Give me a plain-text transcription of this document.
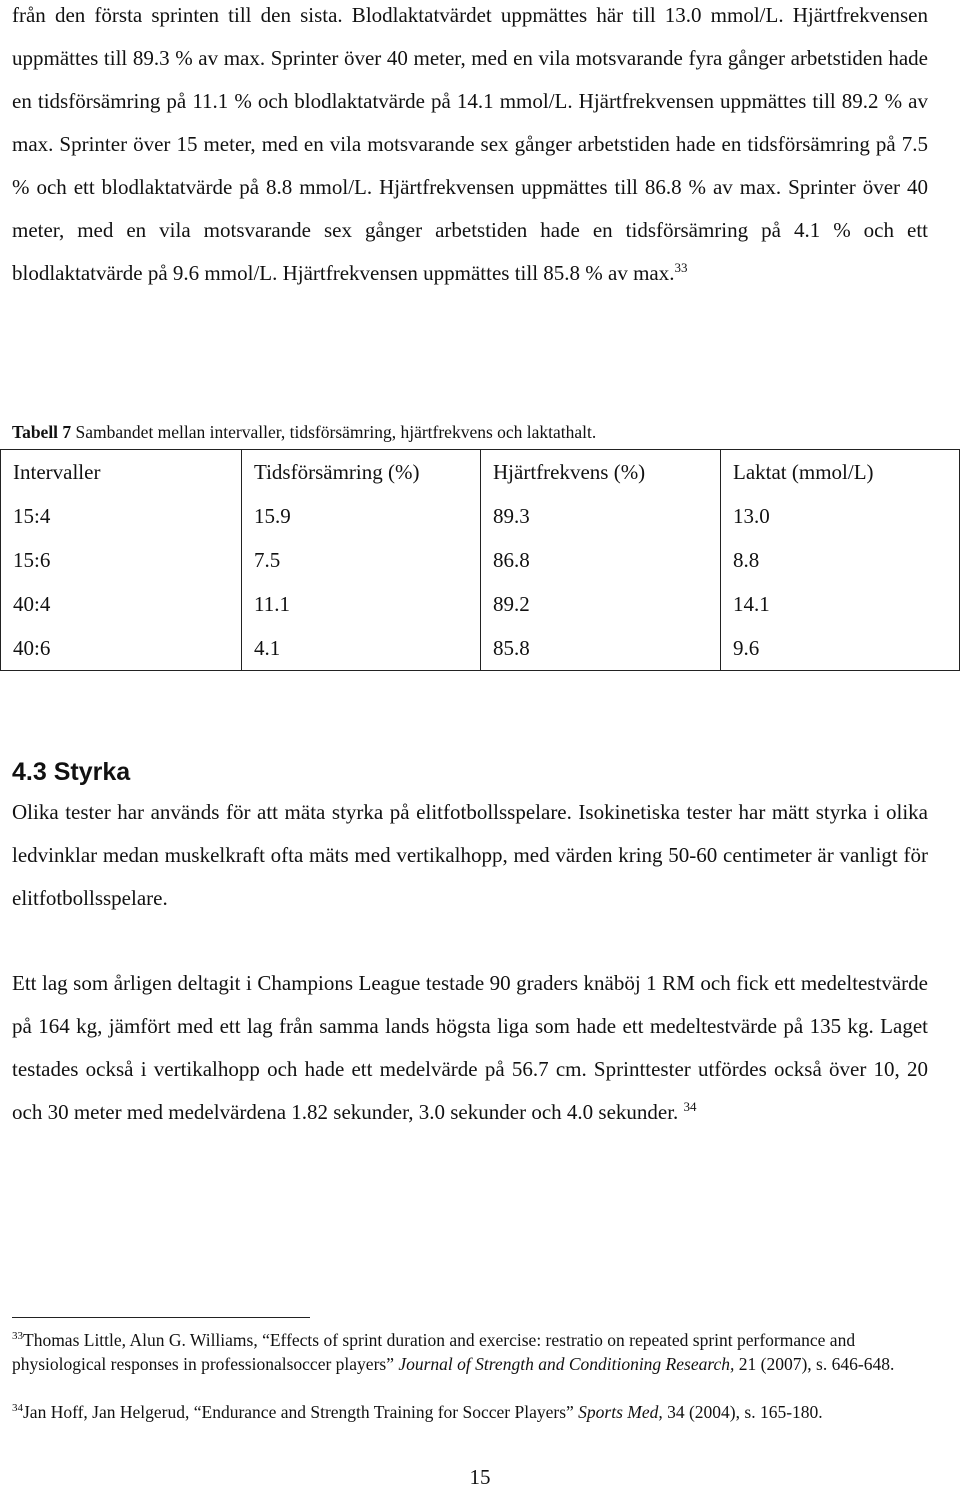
från den första sprinten till den sista. Blodlaktatvärdet uppmättes här till 13.0 mmol/L. Hjärtfrekvensen uppmättes till 89.3 % av max. Sprinter över 40 meter, med en vila motsvarande fyra gånger arbetstiden hade en tidsförsämring på 11.1 % och blodlaktatvärde på 14.1 mmol/L. Hjärtfrekvensen uppmättes till 89.2 % av max. Sprinter över 15 meter, med en vila motsvarande sex gånger arbetstiden hade en tidsförsämring på 7.5 % och ett blodlaktatvärde på 8.8 mmol/L. Hjärtfrekvensen uppmättes till 86.8 % av max. Sprinter över 40 meter, med en vila motsvarande sex gånger arbetstiden hade en tidsförsämring på 4.1 % och ett blodlaktatvärde på 9.6 mmol/L. Hjärtfrekvensen uppmättes till 85.8 % av max.$^{33}$

Tabell 7 Sambandet mellan intervaller, tidsförsämring, hjärtfrekvens och laktathalt.

Intervaller	Tidsförsämring (%)	Hjärtfrekvens (%)	Laktat (mmol/L)
15:4	15.9	89.3	13.0
15:6	7.5	86.8	8.8
40:4	11.1	89.2	14.1
40:6	4.1	85.8	9.6
4.3 Styrka

Olika tester har används för att mäta styrka på elitfotbollsspelare. Isokinetiska tester har mätt styrka i olika ledvinklar medan muskelkraft ofta mäts med vertikalhopp, med värden kring 50-60 centimeter är vanligt för elitfotbollsspelare.

Ett lag som årligen deltagit i Champions League testade 90 graders knäböj 1 RM och fick ett medeltestvärde på 164 kg, jämfört med ett lag från samma lands högsta liga som hade ett medeltestvärde på 135 kg. Laget testades också i vertikalhopp och hade ett medelvärde på 56.7 cm. Sprinttester utfördes också över 10, 20 och 30 meter med medelvärdena 1.82 sekunder, 3.0 sekunder och 4.0 sekunder. $^{34}$

$^{33}$Thomas Little, Alun G. Williams, “Effects of sprint duration and exercise: restratio on repeated sprint performance and physiological responses in professionalsoccer players” Journal of Strength and Conditioning Research, 21 (2007), s. 646-648.

$^{34}$Jan Hoff, Jan Helgerud, “Endurance and Strength Training for Soccer Players” Sports Med, 34 (2004), s. 165-180.

15
